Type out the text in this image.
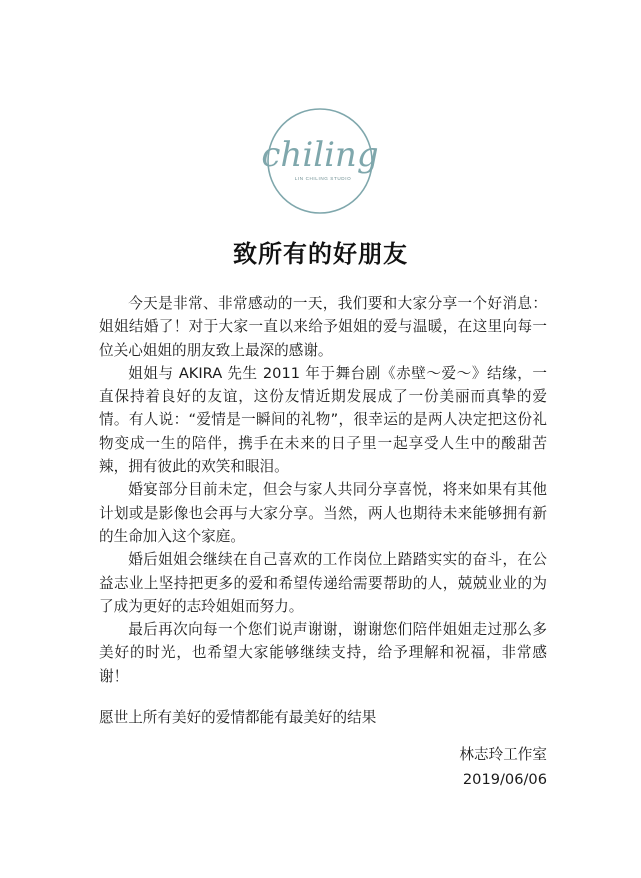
chiling
LIN CHILING STUDIO
致所有的好朋友

今天是非常、非常感动的一天，我们要和大家分享一个好消息：姐姐结婚了！对于大家一直以来给予姐姐的爱与温暖，在这里向每一位关心姐姐的朋友致上最深的感谢。

姐姐与 AKIRA 先生 2011 年于舞台剧《赤壁～爱～》结缘，一直保持着良好的友谊，这份友情近期发展成了一份美丽而真挚的爱情。有人说：“爱情是一瞬间的礼物”，很幸运的是两人决定把这份礼物变成一生的陪伴，携手在未来的日子里一起享受人生中的酸甜苦辣，拥有彼此的欢笑和眼泪。

婚宴部分目前未定，但会与家人共同分享喜悦，将来如果有其他计划或是影像也会再与大家分享。当然，两人也期待未来能够拥有新的生命加入这个家庭。

婚后姐姐会继续在自己喜欢的工作岗位上踏踏实实的奋斗，在公益志业上坚持把更多的爱和希望传递给需要帮助的人，兢兢业业的为了成为更好的志玲姐姐而努力。

最后再次向每一个您们说声谢谢，谢谢您们陪伴姐姐走过那么多美好的时光，也希望大家能够继续支持，给予理解和祝福，非常感谢！

愿世上所有美好的爱情都能有最美好的结果

林志玲工作室
2019/06/06
